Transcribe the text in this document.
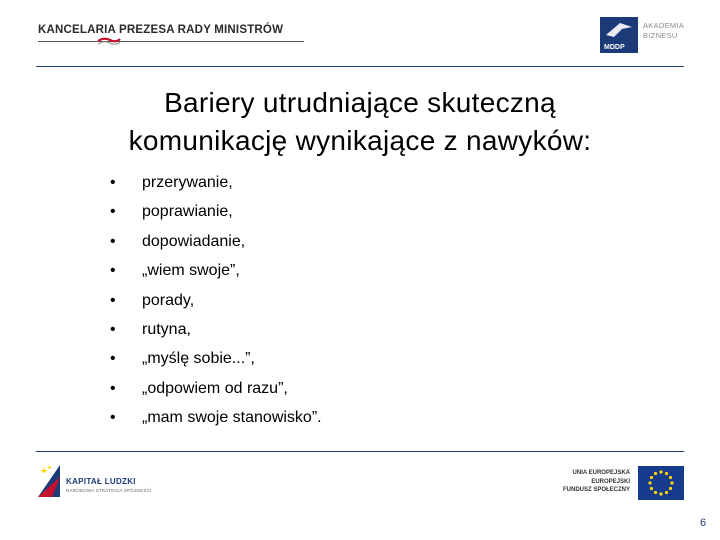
KANCELARIA PREZESA RADY MINISTRÓW
MDDP
AKADEMIA
BIZNESU
Bariery utrudniające skuteczną
komunikację wynikające z nawyków:
• przerywanie,
• poprawianie,
• dopowiadanie,
• „wiem swoje”,
• porady,
• rutyna,
• „myślę sobie...”,
• „odpowiem od razu”,
• „mam swoje stanowisko”.
KAPITAŁ LUDZKI
NARODOWA STRATEGIA SPÓJNOŚCI
UNIA EUROPEJSKA
EUROPEJSKI
FUNDUSZ SPOŁECZNY
6
